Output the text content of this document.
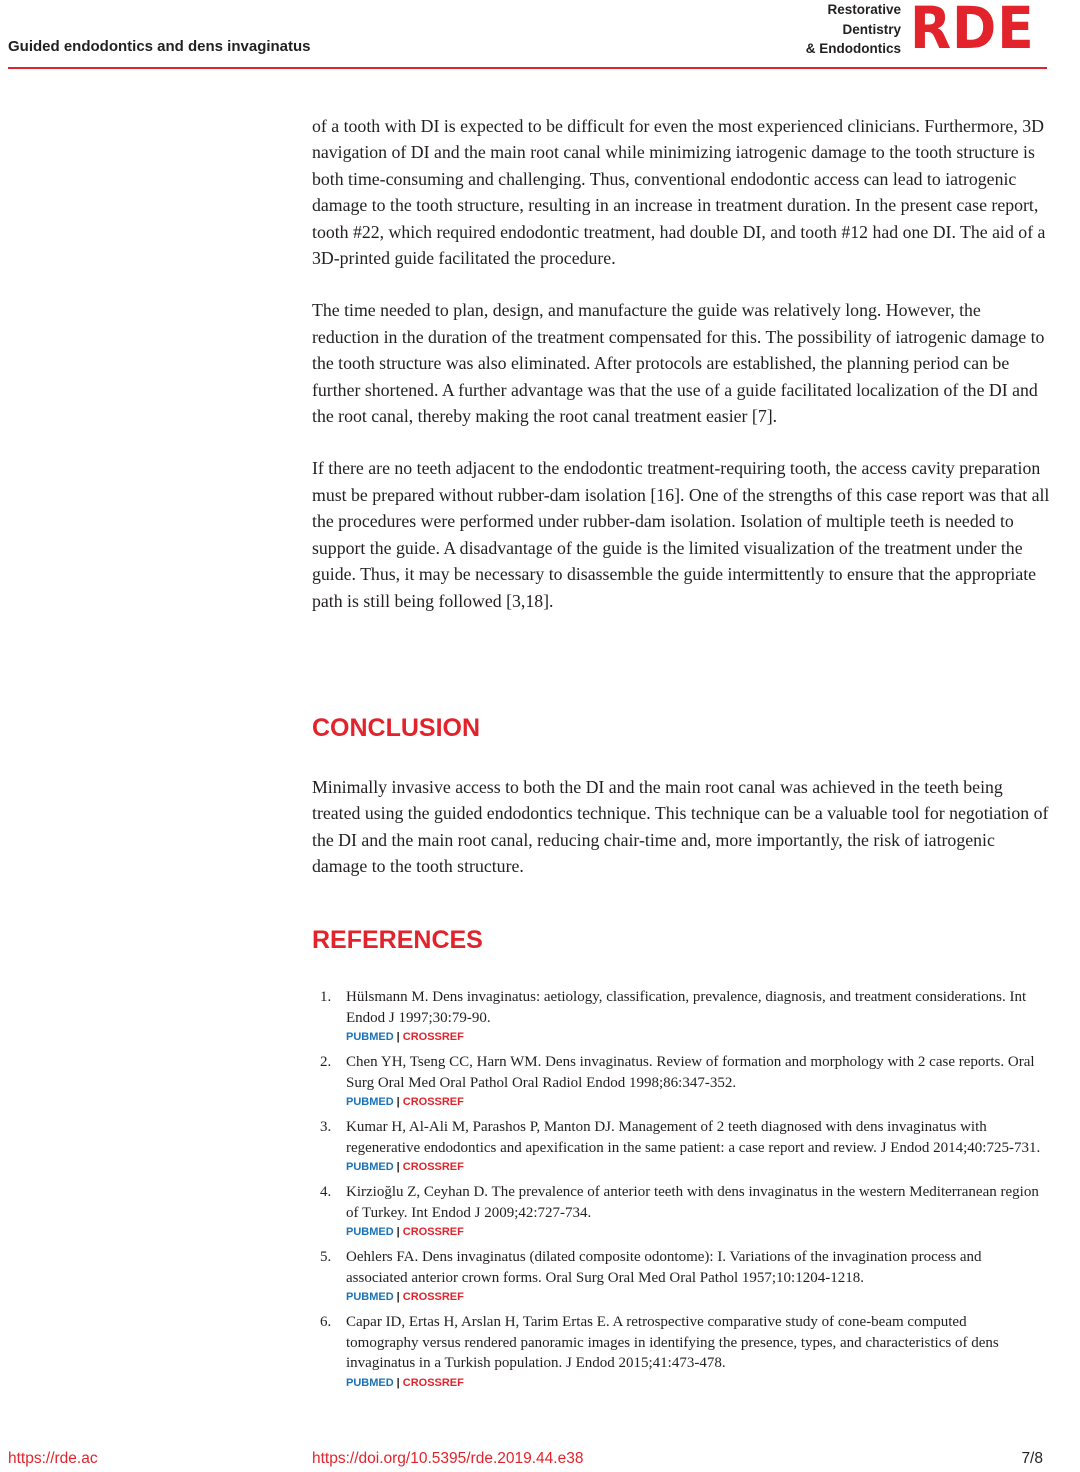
Guided endodontics and dens invaginatus
Restorative
Dentistry
& Endodontics RDE

of a tooth with DI is expected to be difficult for even the most experienced clinicians. Furthermore, 3D navigation of DI and the main root canal while minimizing iatrogenic damage to the tooth structure is both time-consuming and challenging. Thus, conventional endodontic access can lead to iatrogenic damage to the tooth structure, resulting in an increase in treatment duration. In the present case report, tooth #22, which required endodontic treatment, had double DI, and tooth #12 had one DI. The aid of a 3D-printed guide facilitated the procedure.

The time needed to plan, design, and manufacture the guide was relatively long. However, the reduction in the duration of the treatment compensated for this. The possibility of iatrogenic damage to the tooth structure was also eliminated. After protocols are established, the planning period can be further shortened. A further advantage was that the use of a guide facilitated localization of the DI and the root canal, thereby making the root canal treatment easier [7].

If there are no teeth adjacent to the endodontic treatment-requiring tooth, the access cavity preparation must be prepared without rubber-dam isolation [16]. One of the strengths of this case report was that all the procedures were performed under rubber-dam isolation. Isolation of multiple teeth is needed to support the guide. A disadvantage of the guide is the limited visualization of the treatment under the guide. Thus, it may be necessary to disassemble the guide intermittently to ensure that the appropriate path is still being followed [3,18].

CONCLUSION

Minimally invasive access to both the DI and the main root canal was achieved in the teeth being treated using the guided endodontics technique. This technique can be a valuable tool for negotiation of the DI and the main root canal, reducing chair-time and, more importantly, the risk of iatrogenic damage to the tooth structure.

REFERENCES
1. Hülsmann M. Dens invaginatus: aetiology, classification, prevalence, diagnosis, and treatment considerations. Int Endod J 1997;30:79-90.
PUBMED | CROSSREF
2. Chen YH, Tseng CC, Harn WM. Dens invaginatus. Review of formation and morphology with 2 case reports. Oral Surg Oral Med Oral Pathol Oral Radiol Endod 1998;86:347-352.
PUBMED | CROSSREF
3. Kumar H, Al-Ali M, Parashos P, Manton DJ. Management of 2 teeth diagnosed with dens invaginatus with regenerative endodontics and apexification in the same patient: a case report and review. J Endod 2014;40:725-731.
PUBMED | CROSSREF
4. Kirzioğlu Z, Ceyhan D. The prevalence of anterior teeth with dens invaginatus in the western Mediterranean region of Turkey. Int Endod J 2009;42:727-734.
PUBMED | CROSSREF
5. Oehlers FA. Dens invaginatus (dilated composite odontome): I. Variations of the invagination process and associated anterior crown forms. Oral Surg Oral Med Oral Pathol 1957;10:1204-1218.
PUBMED | CROSSREF
6. Capar ID, Ertas H, Arslan H, Tarim Ertas E. A retrospective comparative study of cone-beam computed tomography versus rendered panoramic images in identifying the presence, types, and characteristics of dens invaginatus in a Turkish population. J Endod 2015;41:473-478.
PUBMED | CROSSREF
https://rde.ac	https://doi.org/10.5395/rde.2019.44.e38	7/8
